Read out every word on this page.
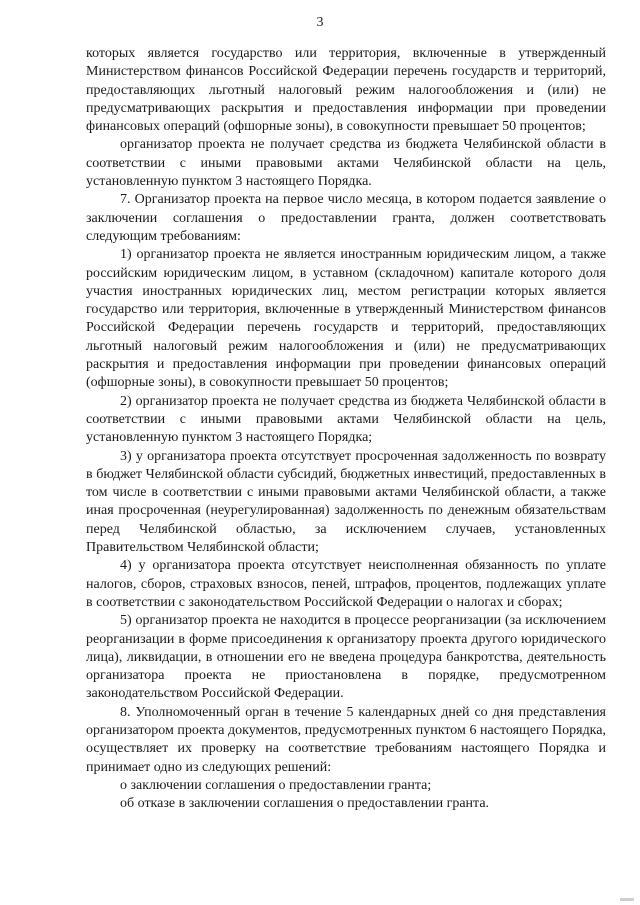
3

которых является государство или территория, включенные в утвержденный Министерством финансов Российской Федерации перечень государств и территорий, предоставляющих льготный налоговый режим налогообложения и (или) не предусматривающих раскрытия и предоставления информации при проведении финансовых операций (офшорные зоны), в совокупности превышает 50 процентов;

организатор проекта не получает средства из бюджета Челябинской области в соответствии с иными правовыми актами Челябинской области на цель, установленную пунктом 3 настоящего Порядка.

7. Организатор проекта на первое число месяца, в котором подается заявление о заключении соглашения о предоставлении гранта, должен соответствовать следующим требованиям:

1) организатор проекта не является иностранным юридическим лицом, а также российским юридическим лицом, в уставном (складочном) капитале которого доля участия иностранных юридических лиц, местом регистрации которых является государство или территория, включенные в утвержденный Министерством финансов Российской Федерации перечень государств и территорий, предоставляющих льготный налоговый режим налогообложения и (или) не предусматривающих раскрытия и предоставления информации при проведении финансовых операций (офшорные зоны), в совокупности превышает 50 процентов;

2) организатор проекта не получает средства из бюджета Челябинской области в соответствии с иными правовыми актами Челябинской области на цель, установленную пунктом 3 настоящего Порядка;

3) у организатора проекта отсутствует просроченная задолженность по возврату в бюджет Челябинской области субсидий, бюджетных инвестиций, предоставленных в том числе в соответствии с иными правовыми актами Челябинской области, а также иная просроченная (неурегулированная) задолженность по денежным обязательствам перед Челябинской областью, за исключением случаев, установленных Правительством Челябинской области;

4) у организатора проекта отсутствует неисполненная обязанность по уплате налогов, сборов, страховых взносов, пеней, штрафов, процентов, подлежащих уплате в соответствии с законодательством Российской Федерации о налогах и сборах;

5) организатор проекта не находится в процессе реорганизации (за исключением реорганизации в форме присоединения к организатору проекта другого юридического лица), ликвидации, в отношении его не введена процедура банкротства, деятельность организатора проекта не приостановлена в порядке, предусмотренном законодательством Российской Федерации.

8. Уполномоченный орган в течение 5 календарных дней со дня представления организатором проекта документов, предусмотренных пунктом 6 настоящего Порядка, осуществляет их проверку на соответствие требованиям настоящего Порядка и принимает одно из следующих решений:

о заключении соглашения о предоставлении гранта;

об отказе в заключении соглашения о предоставлении гранта.
